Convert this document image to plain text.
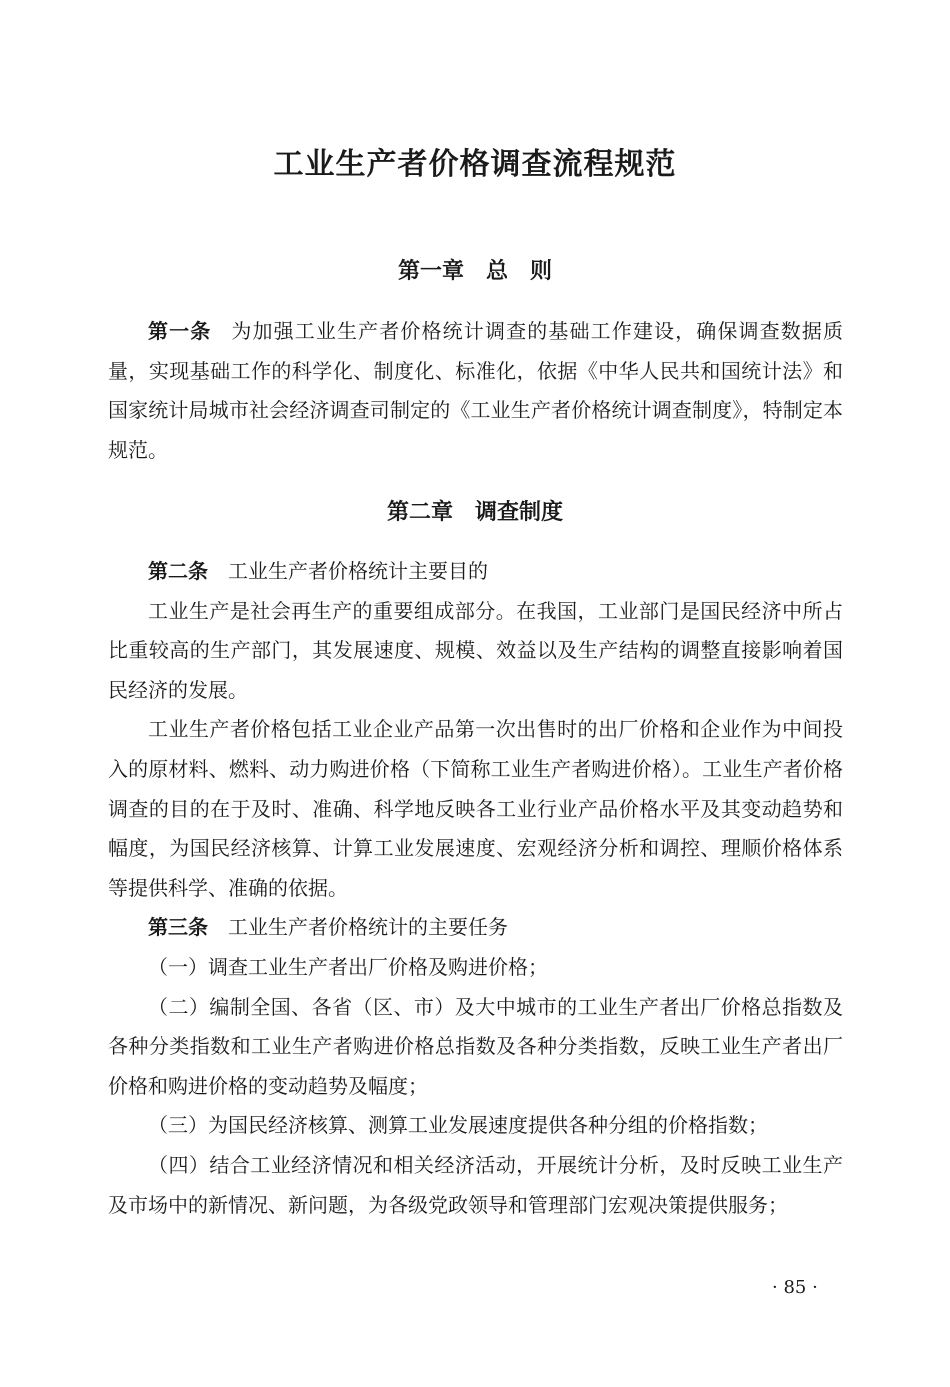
工业生产者价格调查流程规范
第一章　总　则

第一条 为加强工业生产者价格统计调查的基础工作建设，确保调查数据质量，实现基础工作的科学化、制度化、标准化，依据《中华人民共和国统计法》和国家统计局城市社会经济调查司制定的《工业生产者价格统计调查制度》，特制定本规范。

第二章　调查制度

第二条 工业生产者价格统计主要目的

工业生产是社会再生产的重要组成部分。在我国，工业部门是国民经济中所占比重较高的生产部门，其发展速度、规模、效益以及生产结构的调整直接影响着国民经济的发展。

工业生产者价格包括工业企业产品第一次出售时的出厂价格和企业作为中间投入的原材料、燃料、动力购进价格（下简称工业生产者购进价格）。工业生产者价格调查的目的在于及时、准确、科学地反映各工业行业产品价格水平及其变动趋势和幅度，为国民经济核算、计算工业发展速度、宏观经济分析和调控、理顺价格体系等提供科学、准确的依据。

第三条 工业生产者价格统计的主要任务

（一）调查工业生产者出厂价格及购进价格；

（二）编制全国、各省（区、市）及大中城市的工业生产者出厂价格总指数及各种分类指数和工业生产者购进价格总指数及各种分类指数，反映工业生产者出厂价格和购进价格的变动趋势及幅度；

（三）为国民经济核算、测算工业发展速度提供各种分组的价格指数；

（四）结合工业经济情况和相关经济活动，开展统计分析，及时反映工业生产及市场中的新情况、新问题，为各级党政领导和管理部门宏观决策提供服务；

· 85 ·
